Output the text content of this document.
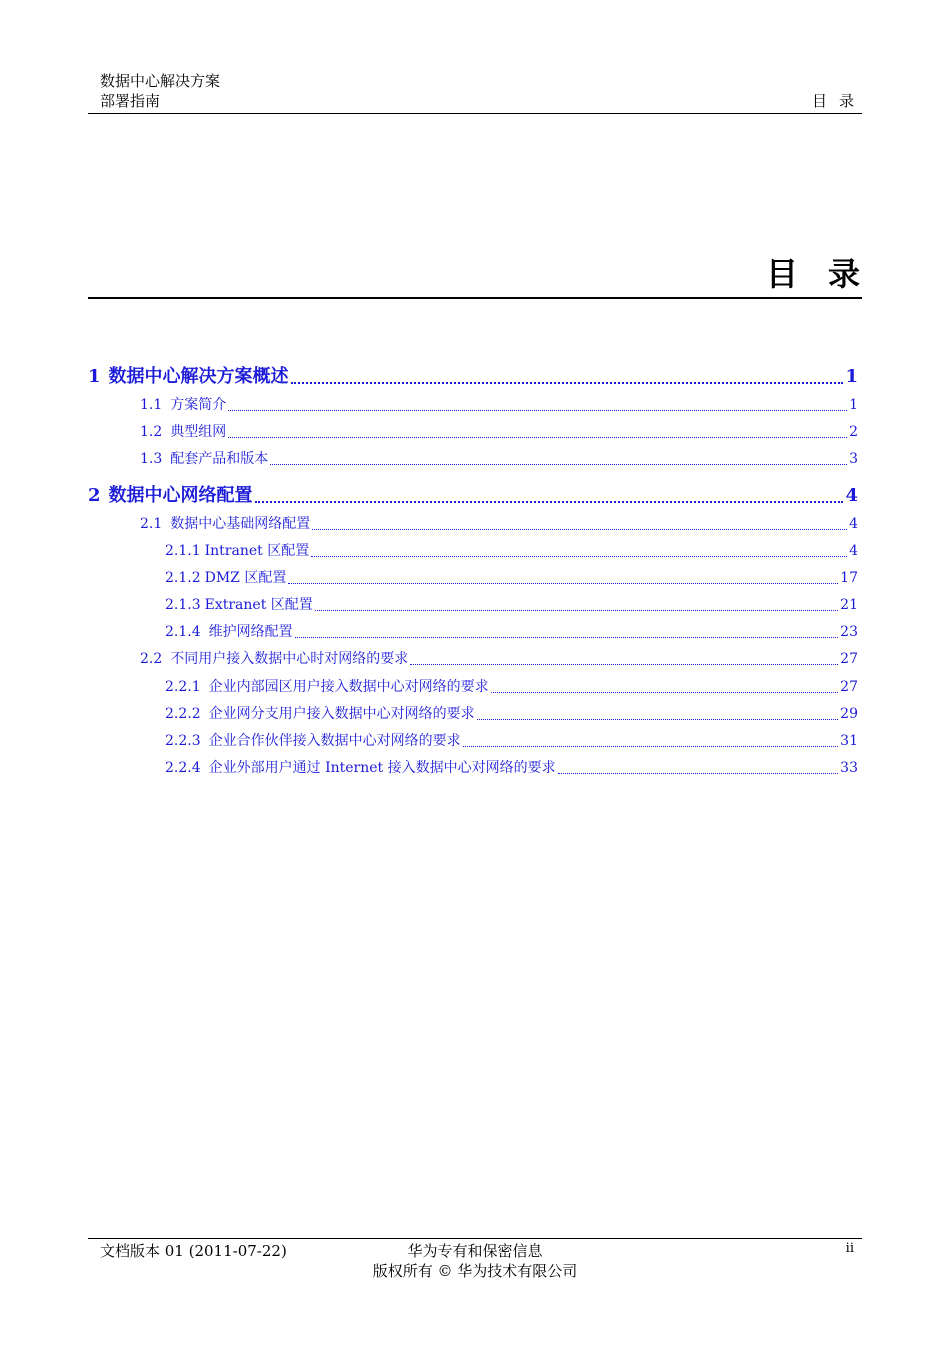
数据中心解决方案
部署指南	目录
目录
1 数据中心解决方案概述	1
1.1 方案简介	1
1.2 典型组网	2
1.3 配套产品和版本	3
2 数据中心网络配置	4
2.1 数据中心基础网络配置	4
2.1.1 Intranet 区配置	4
2.1.2 DMZ 区配置	17
2.1.3 Extranet 区配置	21
2.1.4 维护网络配置	23
2.2 不同用户接入数据中心时对网络的要求	27
2.2.1 企业内部园区用户接入数据中心对网络的要求	27
2.2.2 企业网分支用户接入数据中心对网络的要求	29
2.2.3 企业合作伙伴接入数据中心对网络的要求	31
2.2.4 企业外部用户通过 Internet 接入数据中心对网络的要求	33
文档版本 01 (2011-07-22)	华为专有和保密信息
版权所有 © 华为技术有限公司
ii
